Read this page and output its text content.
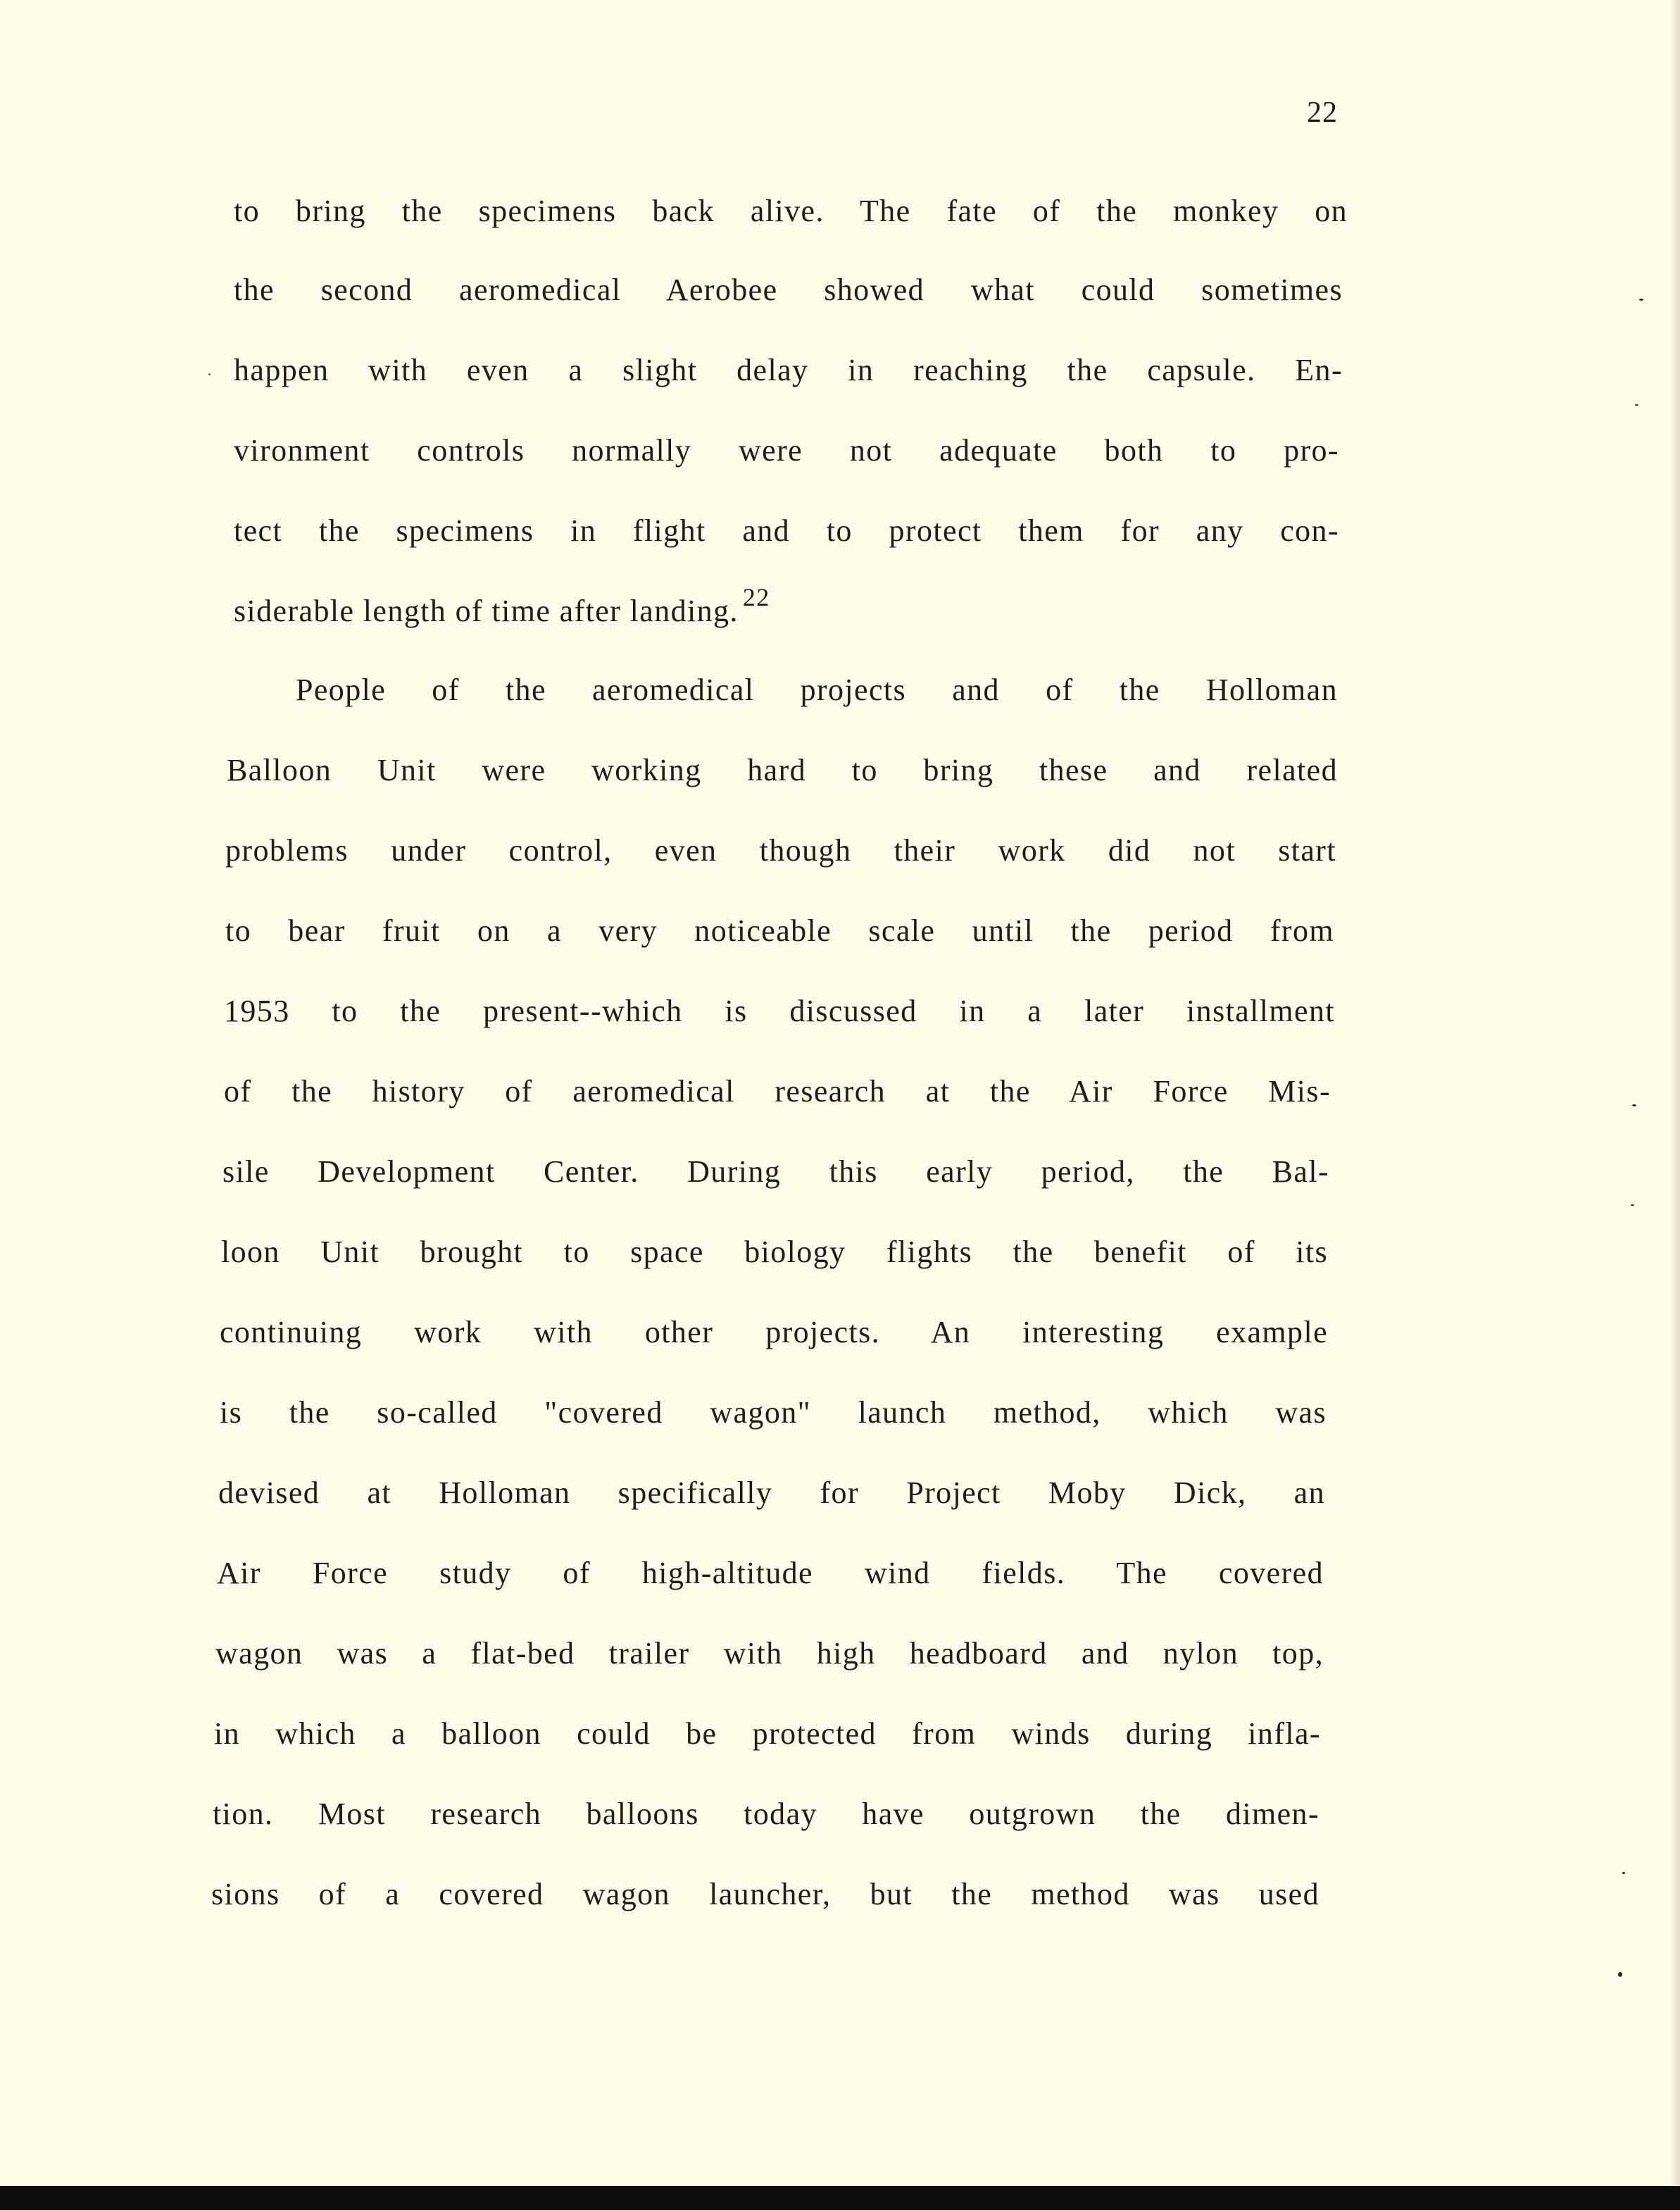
22
to bring the specimens back alive. The fate of the monkey on
the second aeromedical Aerobee showed what could sometimes
happen with even a slight delay in reaching the capsule. En-
vironment controls normally were not adequate both to pro-
tect the specimens in flight and to protect them for any con-
siderable length of time after landing. $^{22}$
People of the aeromedical projects and of the Holloman
Balloon Unit were working hard to bring these and related
problems under control, even though their work did not start
to bear fruit on a very noticeable scale until the period from
1953 to the present--which is discussed in a later installment
of the history of aeromedical research at the Air Force Mis-
sile Development Center. During this early period, the Bal-
loon Unit brought to space biology flights the benefit of its
continuing work with other projects. An interesting example
is the so-called "covered wagon" launch method, which was
devised at Holloman specifically for Project Moby Dick, an
Air Force study of high-altitude wind fields. The covered
wagon was a flat-bed trailer with high headboard and nylon top,
in which a balloon could be protected from winds during infla-
tion. Most research balloons today have outgrown the dimen-
sions of a covered wagon launcher, but the method was used
